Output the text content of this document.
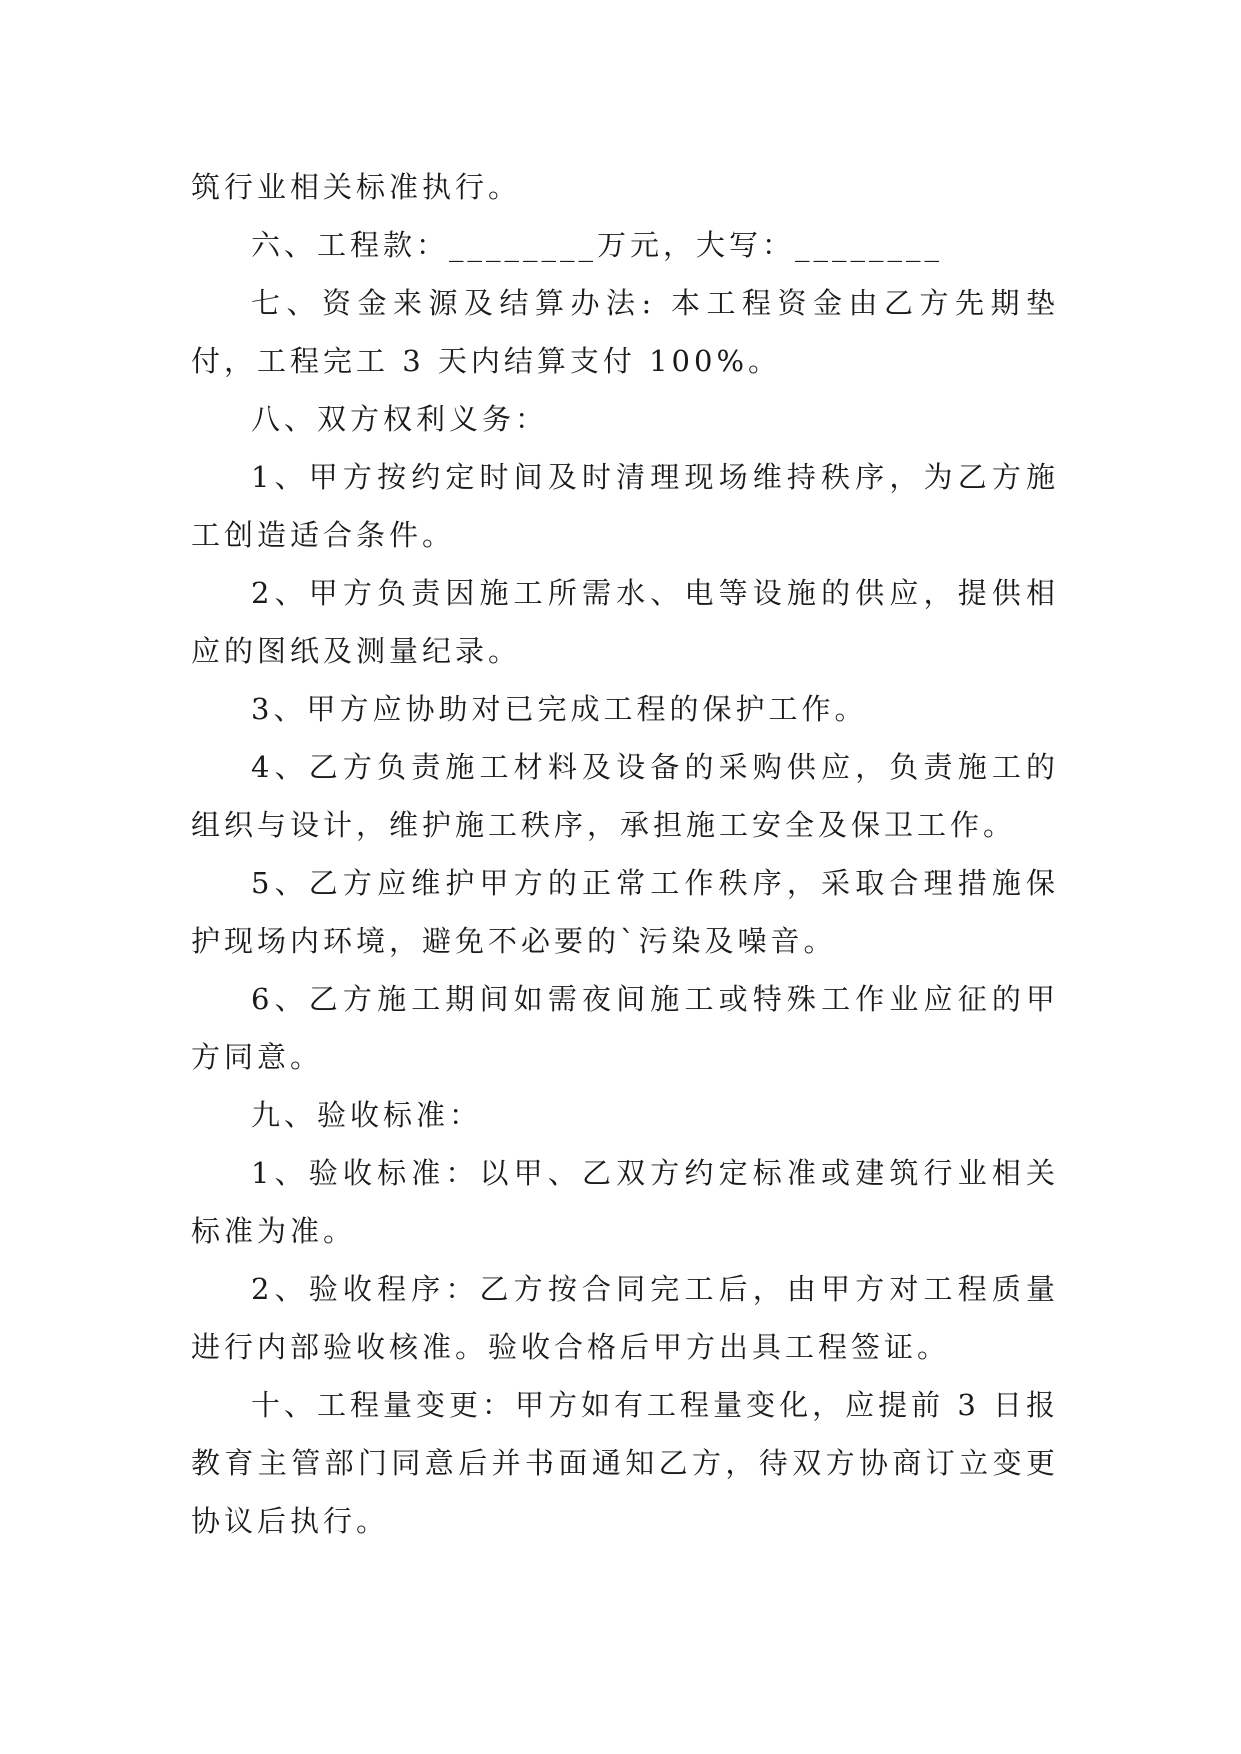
筑行业相关标准执行。

六、工程款：________万元，大写：________

七、资金来源及结算办法: 本工程资金由乙方先期垫付，工程完工 3 天内结算支付 100%。

八、双方权利义务：

1、甲方按约定时间及时清理现场维持秩序，为乙方施工创造适合条件。

2、甲方负责因施工所需水、电等设施的供应，提供相应的图纸及测量纪录。

3、甲方应协助对已完成工程的保护工作。

4、乙方负责施工材料及设备的采购供应，负责施工的组织与设计，维护施工秩序，承担施工安全及保卫工作。

5、乙方应维护甲方的正常工作秩序，采取合理措施保护现场内环境，避免不必要的`污染及噪音。

6、乙方施工期间如需夜间施工或特殊工作业应征的甲方同意。

九、验收标准：

1、验收标准：以甲、乙双方约定标准或建筑行业相关标准为准。

2、验收程序：乙方按合同完工后，由甲方对工程质量进行内部验收核准。验收合格后甲方出具工程签证。

十、工程量变更：甲方如有工程量变化，应提前 3 日报教育主管部门同意后并书面通知乙方，待双方协商订立变更协议后执行。
